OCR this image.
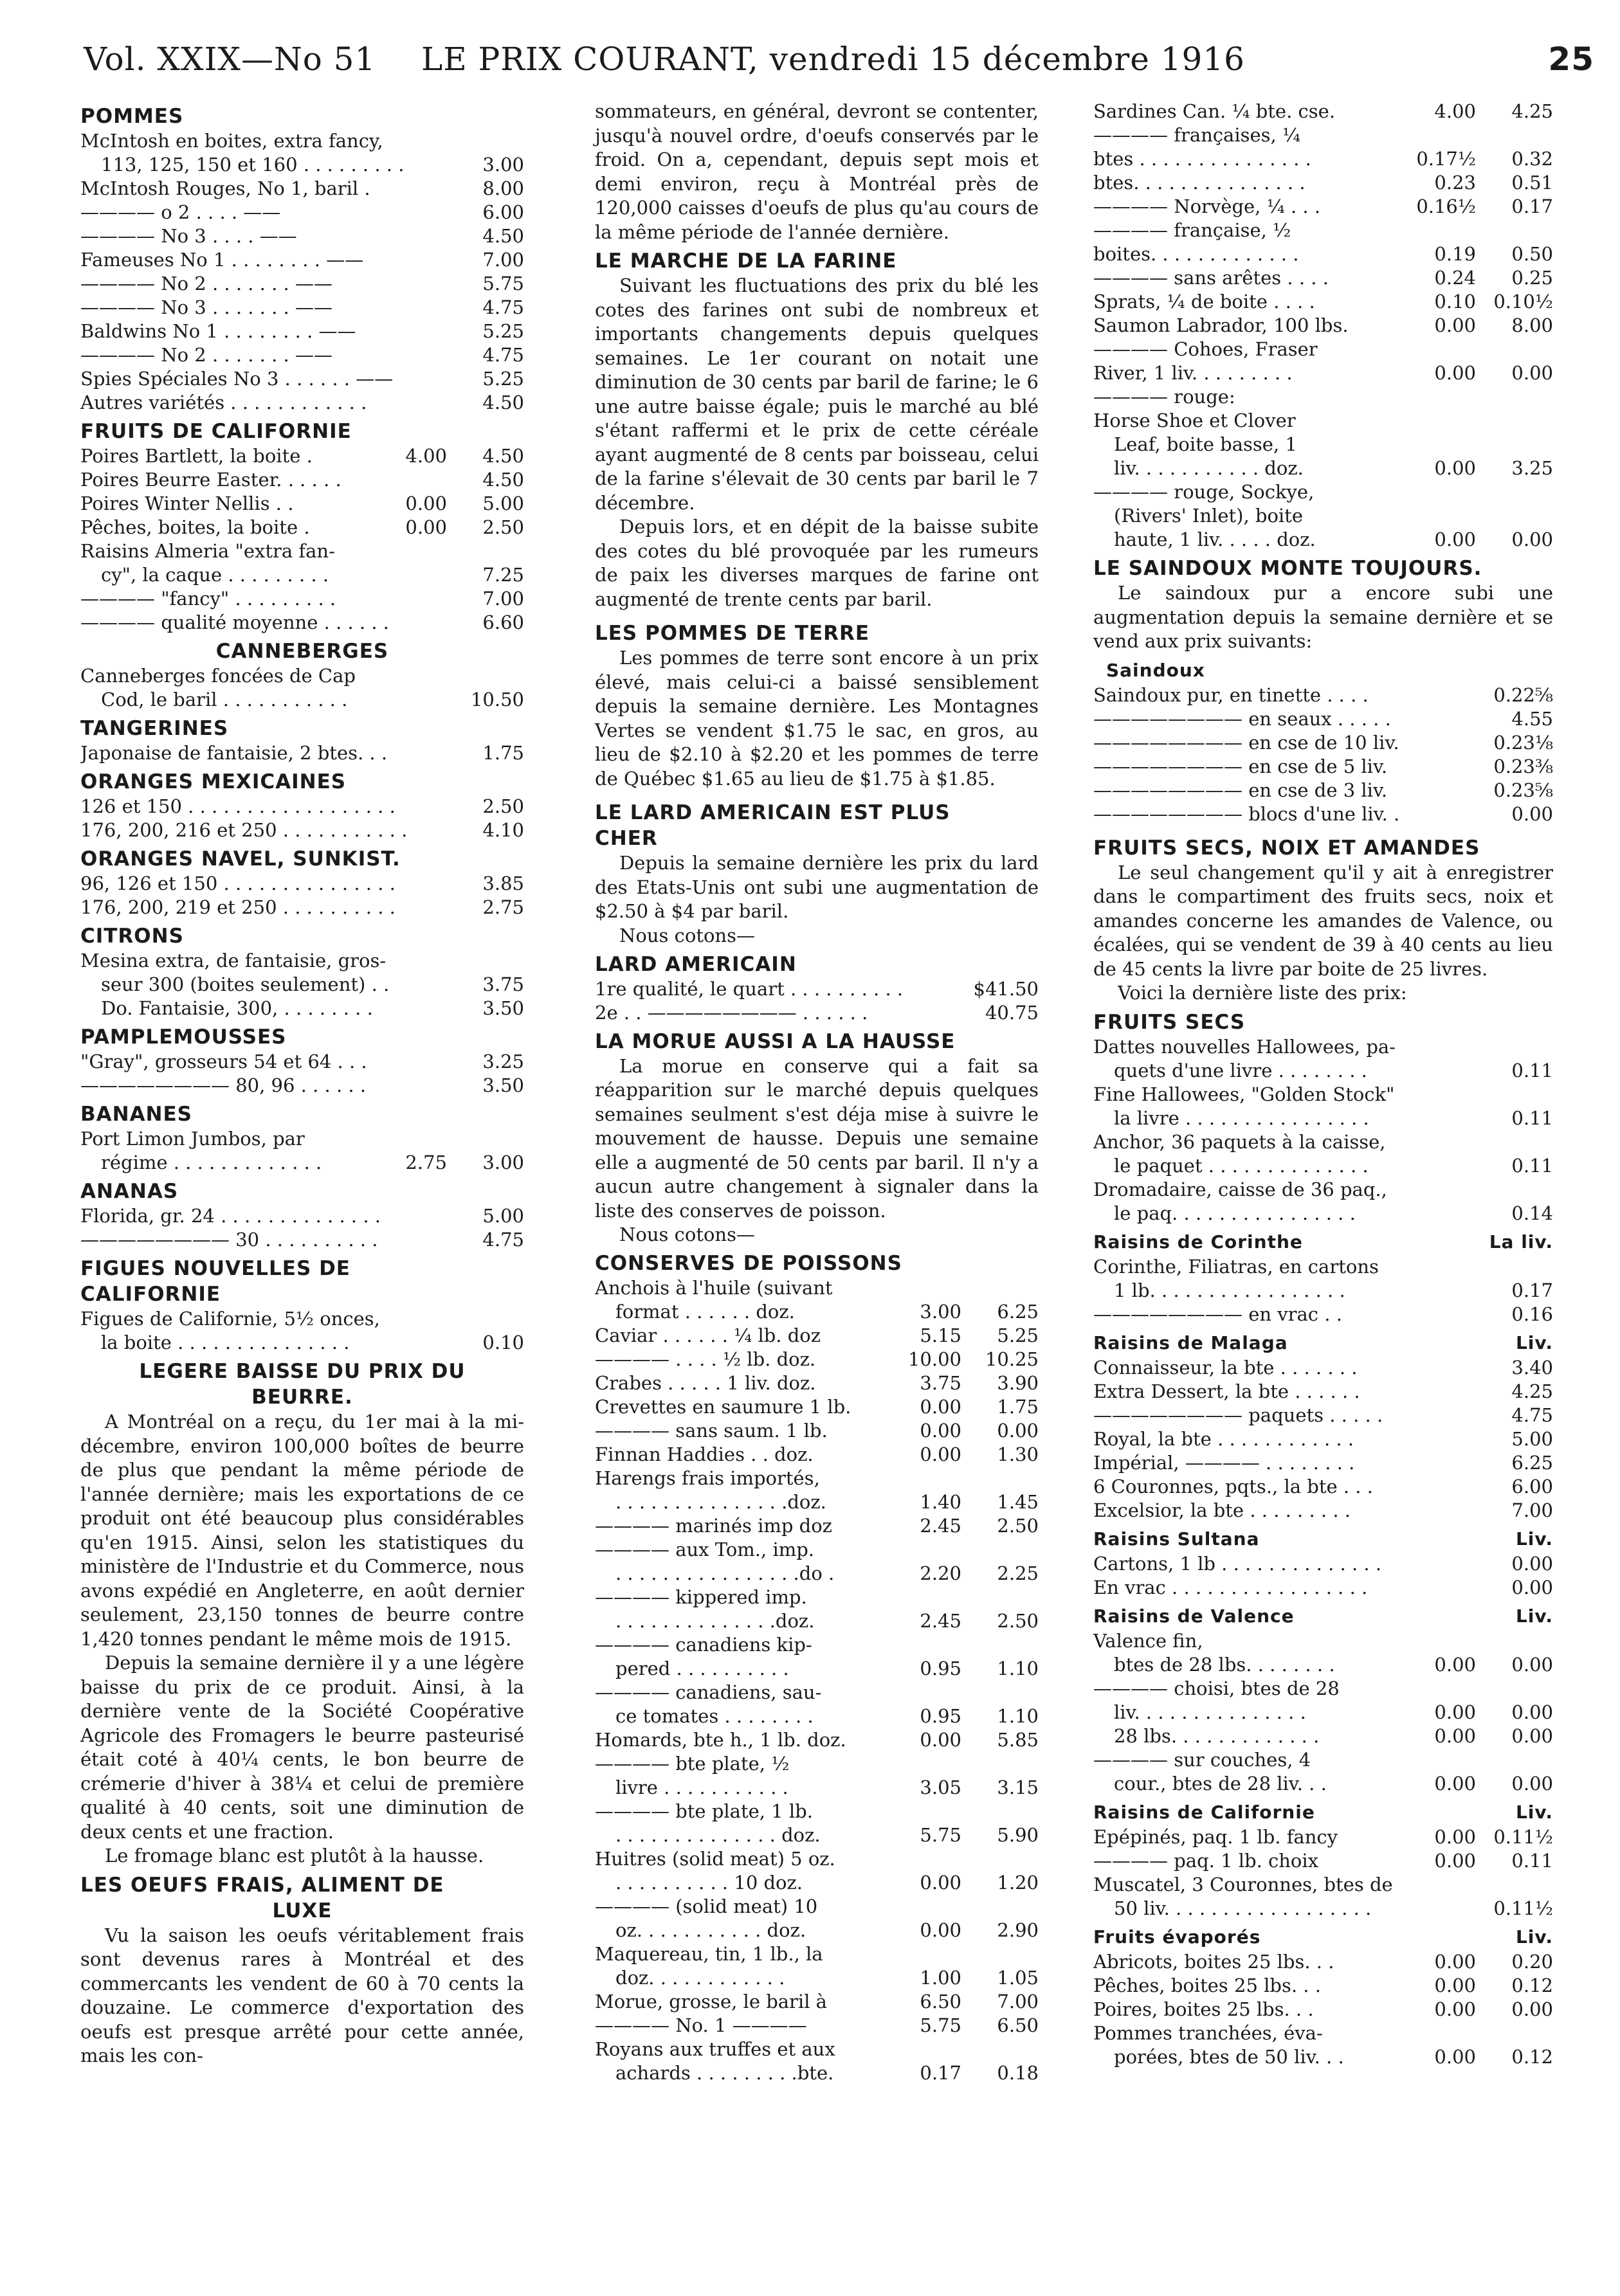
Vol. XXIX—No 51 LE PRIX COURANT, vendredi 15 décembre 1916	25
POMMES
McIntosh en boites, extra fancy,
113, 125, 150 et 160 . . . . . . . . .	3.00
McIntosh Rouges, No 1, baril .	8.00
———— o 2 . . . . ——	6.00
———— No 3 . . . . ——	4.50
Fameuses No 1 . . . . . . . . ——	7.00
———— No 2 . . . . . . . ——	5.75
———— No 3 . . . . . . . ——	4.75
Baldwins No 1 . . . . . . . . ——	5.25
———— No 2 . . . . . . . ——	4.75
Spies Spéciales No 3 . . . . . . ——	5.25
Autres variétés . . . . . . . . . . . .	4.50
FRUITS DE CALIFORNIE
Poires Bartlett, la boite .	4.00	4.50
Poires Beurre Easter. . . . . .	4.50
Poires Winter Nellis . .	0.00	5.00
Pêches, boites, la boite .	0.00	2.50
Raisins Almeria "extra fan-
cy", la caque . . . . . . . . .	7.25
———— "fancy" . . . . . . . . .	7.00
———— qualité moyenne . . . . . .	6.60
CANNEBERGES
Canneberges foncées de Cap
Cod, le baril . . . . . . . . . . .	10.50
TANGERINES
Japonaise de fantaisie, 2 btes. . .	1.75
ORANGES MEXICAINES
126 et 150 . . . . . . . . . . . . . . . . . .	2.50
176, 200, 216 et 250 . . . . . . . . . . .	4.10
ORANGES NAVEL, SUNKIST.
96, 126 et 150 . . . . . . . . . . . . . . .	3.85
176, 200, 219 et 250 . . . . . . . . . .	2.75
CITRONS
Mesina extra, de fantaisie, gros-
seur 300 (boites seulement) . .	3.75
Do. Fantaisie, 300, . . . . . . . .	3.50
PAMPLEMOUSSES
"Gray", grosseurs 54 et 64 . . .	3.25
———————— 80, 96 . . . . . .	3.50
BANANES
Port Limon Jumbos, par
régime . . . . . . . . . . . . .	2.75	3.00
ANANAS
Florida, gr. 24 . . . . . . . . . . . . . .	5.00
———————— 30 . . . . . . . . . .	4.75
FIGUES NOUVELLES DE
CALIFORNIE
Figues de Californie, 5½ onces,
la boite . . . . . . . . . . . . . . .	0.10
LEGERE BAISSE DU PRIX DU
BEURRE.

A Montréal on a reçu, du 1er mai à la mi-décembre, environ 100,000 boîtes de beurre de plus que pendant la même période de l'année dernière; mais les exportations de ce produit ont été beaucoup plus considérables qu'en 1915. Ainsi, selon les statistiques du ministère de l'Industrie et du Commerce, nous avons expédié en Angleterre, en août dernier seulement, 23,150 tonnes de beurre contre 1,420 tonnes pendant le même mois de 1915.

Depuis la semaine dernière il y a une légère baisse du prix de ce produit. Ainsi, à la dernière vente de la Société Coopérative Agricole des Fromagers le beurre pasteurisé était coté à 40¼ cents, le bon beurre de crémerie d'hiver à 38¼ et celui de première qualité à 40 cents, soit une diminution de deux cents et une fraction.

Le fromage blanc est plutôt à la hausse.

LES OEUFS FRAIS, ALIMENT DE
LUXE

Vu la saison les oeufs véritablement frais sont devenus rares à Montréal et des commercants les vendent de 60 à 70 cents la douzaine. Le commerce d'exportation des oeufs est presque arrêté pour cette année, mais les con-

sommateurs, en général, devront se contenter, jusqu'à nouvel ordre, d'oeufs conservés par le froid. On a, cependant, depuis sept mois et demi environ, reçu à Montréal près de 120,000 caisses d'oeufs de plus qu'au cours de la même période de l'année dernière.

LE MARCHE DE LA FARINE

Suivant les fluctuations des prix du blé les cotes des farines ont subi de nombreux et importants changements depuis quelques semaines. Le 1er courant on notait une diminution de 30 cents par baril de farine; le 6 une autre baisse égale; puis le marché au blé s'étant raffermi et le prix de cette céréale ayant augmenté de 8 cents par boisseau, celui de la farine s'élevait de 30 cents par baril le 7 décembre.

Depuis lors, et en dépit de la baisse subite des cotes du blé provoquée par les rumeurs de paix les diverses marques de farine ont augmenté de trente cents par baril.

LES POMMES DE TERRE

Les pommes de terre sont encore à un prix élevé, mais celui-ci a baissé sensiblement depuis la semaine dernière. Les Montagnes Vertes se vendent $1.75 le sac, en gros, au lieu de $2.10 à $2.20 et les pommes de terre de Québec $1.65 au lieu de $1.75 à $1.85.

LE LARD AMERICAIN EST PLUS
CHER

Depuis la semaine dernière les prix du lard des Etats-Unis ont subi une augmentation de $2.50 à $4 par baril.

Nous cotons—
LARD AMERICAIN
1re qualité, le quart . . . . . . . . . .	$41.50
2e . . ———————— . . . . . .	40.75
LA MORUE AUSSI A LA HAUSSE

La morue en conserve qui a fait sa réapparition sur le marché depuis quelques semaines seulment s'est déja mise à suivre le mouvement de hausse. Depuis une semaine elle a augmenté de 50 cents par baril. Il n'y a aucun autre changement à signaler dans la liste des conserves de poisson.

Nous cotons—
CONSERVES DE POISSONS
Anchois à l'huile (suivant
format . . . . . . doz.	3.00	6.25
Caviar . . . . . . ¼ lb. doz	5.15	5.25
———— . . . . ½ lb. doz.	10.00	10.25
Crabes . . . . . 1 liv. doz.	3.75	3.90
Crevettes en saumure 1 lb.	0.00	1.75
———— sans saum. 1 lb.	0.00	0.00
Finnan Haddies . . doz.	0.00	1.30
Harengs frais importés,
. . . . . . . . . . . . . . .doz.	1.40	1.45
———— marinés imp doz	2.45	2.50
———— aux Tom., imp.
. . . . . . . . . . . . . . . .do .	2.20	2.25
———— kippered imp.
. . . . . . . . . . . . . .doz.	2.45	2.50
———— canadiens kip-
pered . . . . . . . . . .	0.95	1.10
———— canadiens, sau-
ce tomates . . . . . . . .	0.95	1.10
Homards, bte h., 1 lb. doz.	0.00	5.85
———— bte plate, ½
livre . . . . . . . . . . .	3.05	3.15
———— bte plate, 1 lb.
. . . . . . . . . . . . . . doz.	5.75	5.90
Huitres (solid meat) 5 oz.
. . . . . . . . . . 10 doz.	0.00	1.20
———— (solid meat) 10
oz. . . . . . . . . . . doz.	0.00	2.90
Maquereau, tin, 1 lb., la
doz. . . . . . . . . . . .	1.00	1.05
Morue, grosse, le baril à	6.50	7.00
———— No. 1 ————	5.75	6.50
Royans aux truffes et aux
achards . . . . . . . . .bte.	0.17	0.18
Sardines Can. ¼ bte. cse.	4.00	4.25
———— françaises, ¼
btes . . . . . . . . . . . . . . .	0.17½	0.32
btes. . . . . . . . . . . . . . .	0.23	0.51
———— Norvège, ¼ . . .	0.16½	0.17
———— française, ½
boites. . . . . . . . . . . . .	0.19	0.50
———— sans arêtes . . . .	0.24	0.25
Sprats, ¼ de boite . . . .	0.10 0.10½
Saumon Labrador, 100 lbs.	0.00	8.00
———— Cohoes, Fraser
River, 1 liv. . . . . . . . .	0.00	0.00
———— rouge:
Horse Shoe et Clover
Leaf, boite basse, 1
liv. . . . . . . . . . . doz.	0.00	3.25
———— rouge, Sockye,
(Rivers' Inlet), boite
haute, 1 liv. . . . . doz.	0.00	0.00
LE SAINDOUX MONTE TOUJOURS.

Le saindoux pur a encore subi une augmentation depuis la semaine dernière et se vend aux prix suivants:

Saindoux
Saindoux pur, en tinette . . . .	0.22⅝
———————— en seaux . . . . .	4.55
———————— en cse de 10 liv.	0.23⅛
———————— en cse de 5 liv.	0.23⅜
———————— en cse de 3 liv.	0.23⅝
———————— blocs d'une liv. .	0.00
FRUITS SECS, NOIX ET AMANDES

Le seul changement qu'il y ait à enregistrer dans le compartiment des fruits secs, noix et amandes concerne les amandes de Valence, ou écalées, qui se vendent de 39 à 40 cents au lieu de 45 cents la livre par boite de 25 livres.

Voici la dernière liste des prix:

FRUITS SECS
Dattes nouvelles Hallowees, pa-
quets d'une livre . . . . . . . .	0.11
Fine Hallowees, "Golden Stock"
la livre . . . . . . . . . . . . . . . .	0.11
Anchor, 36 paquets à la caisse,
le paquet . . . . . . . . . . . . . .	0.11
Dromadaire, caisse de 36 paq.,
le paq. . . . . . . . . . . . . . . .	0.14
Raisins de Corinthe	La liv.
Corinthe, Filiatras, en cartons
1 lb. . . . . . . . . . . . . . . . .	0.17
———————— en vrac . .	0.16
Raisins de Malaga	Liv.
Connaisseur, la bte . . . . . . .	3.40
Extra Dessert, la bte . . . . . .	4.25
———————— paquets . . . . .	4.75
Royal, la bte . . . . . . . . . . . .	5.00
Impérial, ———— . . . . . . . .	6.25
6 Couronnes, pqts., la bte . . .	6.00
Excelsior, la bte . . . . . . . . .	7.00
Raisins Sultana	Liv.
Cartons, 1 lb . . . . . . . . . . . . . .	0.00
En vrac . . . . . . . . . . . . . . . . .	0.00
Raisins de Valence	Liv.
Valence fin,
btes de 28 lbs. . . . . . . .	0.00	0.00
———— choisi, btes de 28
liv. . . . . . . . . . . . . . .	0.00	0.00
28 lbs. . . . . . . . . . . . .	0.00	0.00
———— sur couches, 4
cour., btes de 28 liv. . .	0.00	0.00
Raisins de Californie	Liv.
Epépinés, paq. 1 lb. fancy	0.00 0.11½
———— paq. 1 lb. choix	0.00	0.11
Muscatel, 3 Couronnes, btes de
50 liv. . . . . . . . . . . . . . . . . .	0.11½
Fruits évaporés	Liv.
Abricots, boites 25 lbs. . .	0.00	0.20
Pêches, boites 25 lbs. . .	0.00	0.12
Poires, boites 25 lbs. . .	0.00	0.00
Pommes tranchées, éva-
porées, btes de 50 liv. . .	0.00	0.12
